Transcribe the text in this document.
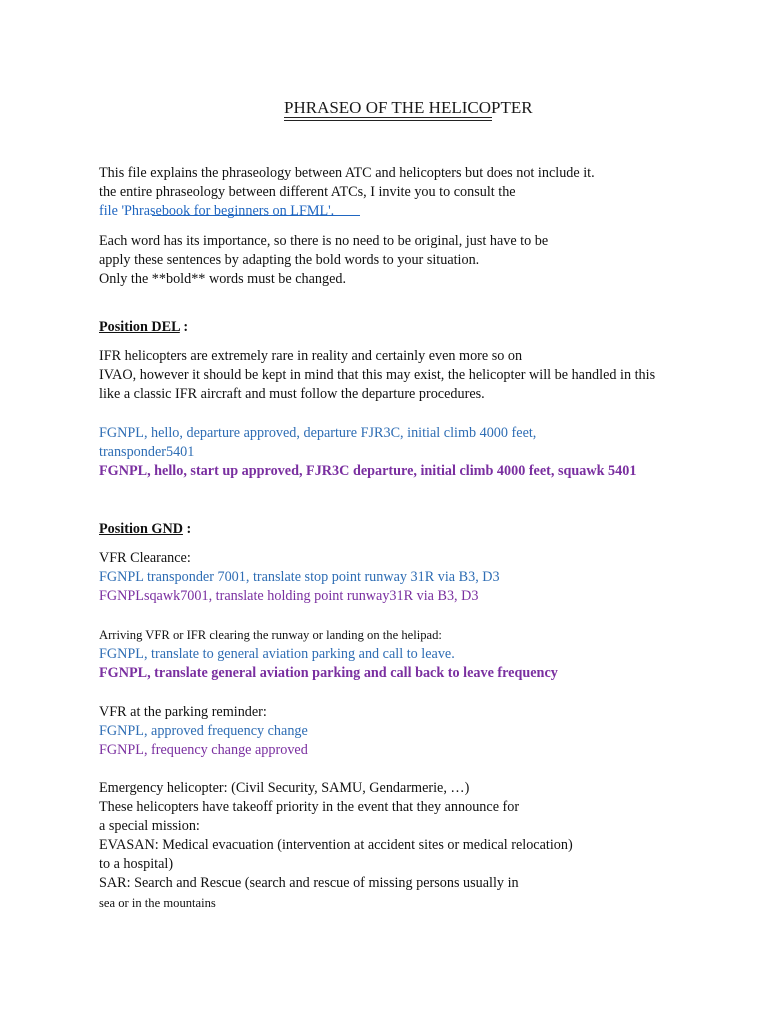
PHRASEO OF THE HELICOPTER
This file explains the phraseology between ATC and helicopters but does not include it.
the entire phraseology between different ATCs, I invite you to consult the
file 'Phrasebook for beginners on LFML'.
Each word has its importance, so there is no need to be original, just have to be
apply these sentences by adapting the bold words to your situation.
Only the **bold** words must be changed.
Position DEL :
IFR helicopters are extremely rare in reality and certainly even more so on
IVAO, however it should be kept in mind that this may exist, the helicopter will be handled in this
like a classic IFR aircraft and must follow the departure procedures.
FGNPL, hello, departure approved, departure FJR3C, initial climb 4000 feet,
transponder5401
FGNPL, hello, start up approved, FJR3C departure, initial climb 4000 feet, squawk 5401
Position GND :
VFR Clearance:
FGNPL transponder 7001, translate stop point runway 31R via B3, D3
FGNPLsqawk7001, translate holding point runway31R via B3, D3
Arriving VFR or IFR clearing the runway or landing on the helipad:
FGNPL, translate to general aviation parking and call to leave.
FGNPL, translate general aviation parking and call back to leave frequency
VFR at the parking reminder:
FGNPL, approved frequency change
FGNPL, frequency change approved
Emergency helicopter: (Civil Security, SAMU, Gendarmerie, …)
These helicopters have takeoff priority in the event that they announce for
a special mission:
EVASAN: Medical evacuation (intervention at accident sites or medical relocation)
to a hospital)
SAR: Search and Rescue (search and rescue of missing persons usually in
sea or in the mountains
